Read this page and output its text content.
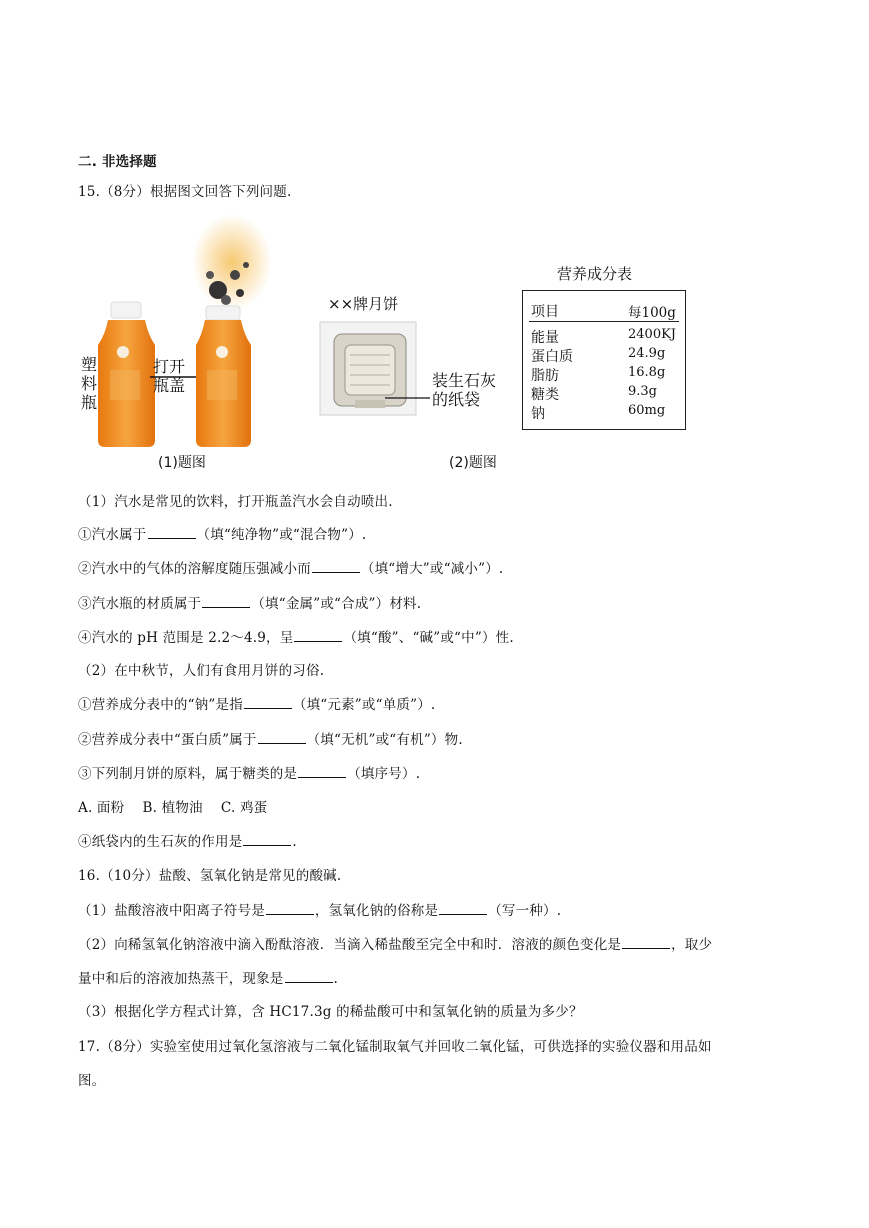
二. 非选择题
15.（8分）根据图文回答下列问题.
塑
料
瓶
打开
瓶盖
(1)题图
××牌月饼
装生石灰
的纸袋
(2)题图
营养成分表
项目	每100g
能量	2400KJ
蛋白质	24.9g
脂肪	16.8g
糖类	9.3g
钠	60mg
（1）汽水是常见的饮料，打开瓶盖汽水会自动喷出.
①汽水属于	（填“纯净物”或“混合物”）.
②汽水中的气体的溶解度随压强减小而	（填“增大”或“减小”）.
③汽水瓶的材质属于	（填“金属”或“合成”）材料.
④汽水的 pH 范围是 2.2～4.9，呈	（填“酸”、“碱”或“中”）性.
（2）在中秋节，人们有食用月饼的习俗.
①营养成分表中的“钠”是指	（填“元素”或“单质”）.
②营养成分表中“蛋白质”属于	（填“无机”或“有机”）物.
③下列制月饼的原料，属于糖类的是	（填序号）.
A. 面粉　 B. 植物油　 C. 鸡蛋
④纸袋内的生石灰的作用是	.
16.（10分）盐酸、氢氧化钠是常见的酸碱.
（1）盐酸溶液中阳离子符号是	，氢氧化钠的俗称是	（写一种）.
（2）向稀氢氧化钠溶液中滴入酚酞溶液．当滴入稀盐酸至完全中和时．溶液的颜色变化是	，取少
量中和后的溶液加热蒸干，现象是	.
（3）根据化学方程式计算，含 HC17.3g 的稀盐酸可中和氢氧化钠的质量为多少？
17.（8分）实验室使用过氧化氢溶液与二氧化锰制取氧气并回收二氧化锰，可供选择的实验仪器和用品如
图。
